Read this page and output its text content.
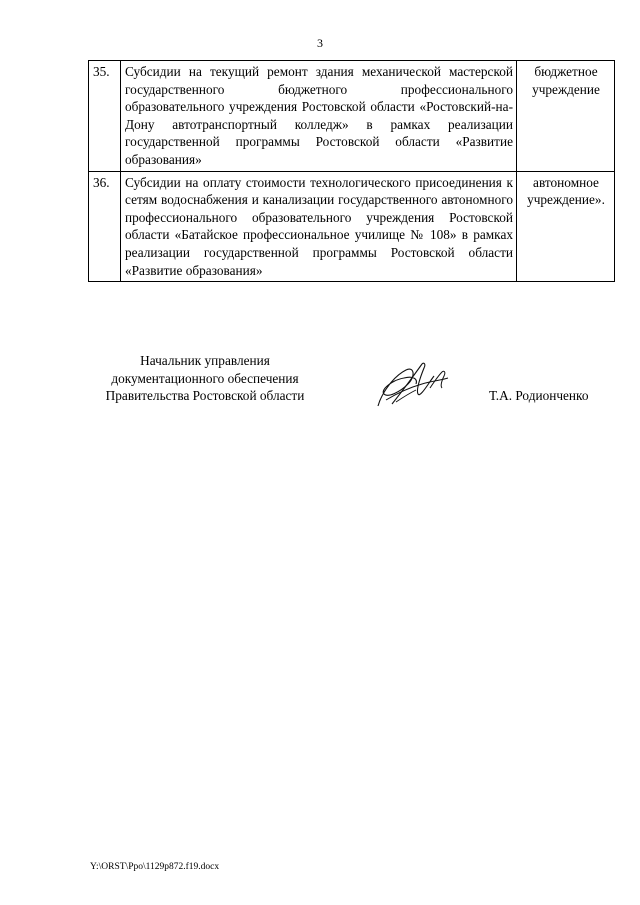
3
35.	Субсидии на текущий ремонт здания механической мастерской государственного бюджетного профессионального образовательного учреждения Ростовской области «Ростовский-на-Дону автотранспортный колледж» в рамках реализации государственной программы Ростовской области «Развитие образования»	бюджетное учреждение
36.	Субсидии на оплату стоимости технологического присоединения к сетям водоснабжения и канализации государственного автономного профессионального образовательного учреждения Ростовской области «Батайское профессиональное училище № 108» в рамках реализации государственной программы Ростовской области «Развитие образования»	автономное учреждение».
Начальник управления
документационного обеспечения
Правительства Ростовской области	Т.А. Родионченко
Y:\ORST\Ppo\1129p872.f19.docx
